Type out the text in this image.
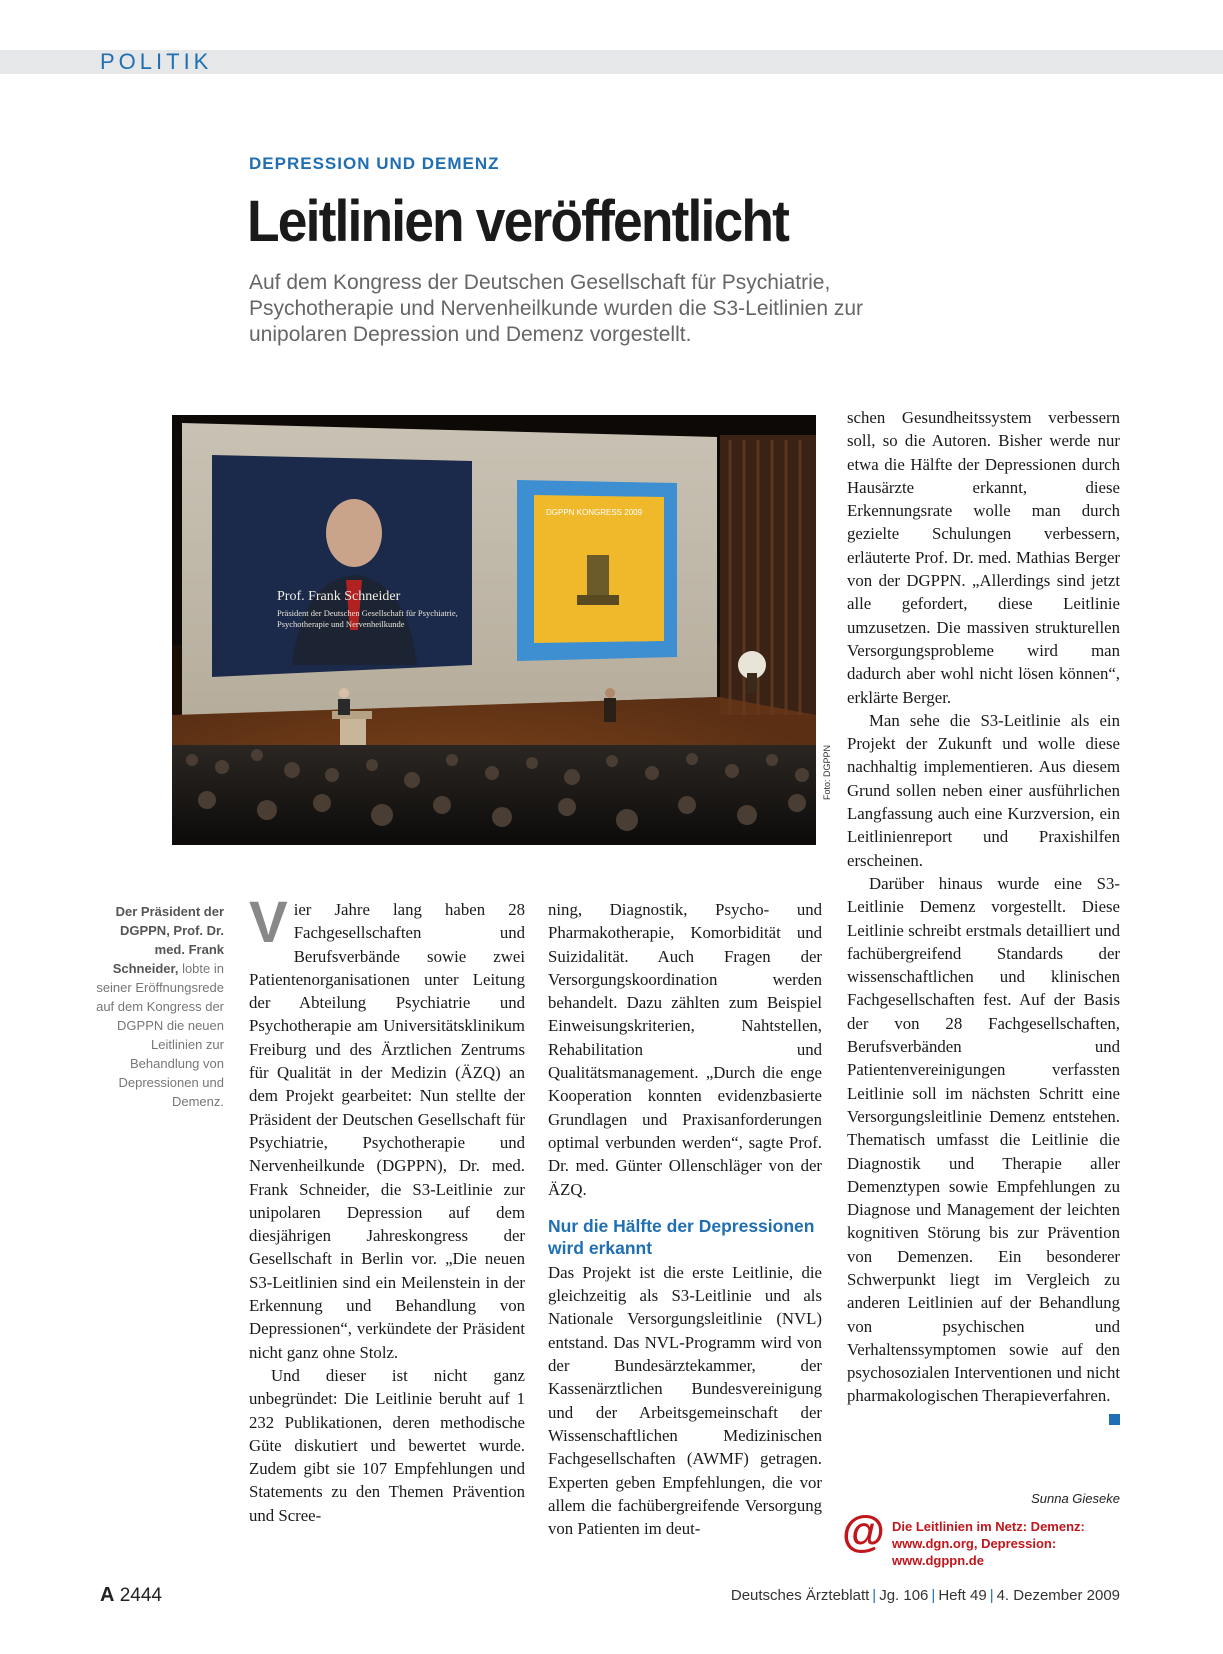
POLITIK
DEPRESSION UND DEMENZ
Leitlinien veröffentlicht
Auf dem Kongress der Deutschen Gesellschaft für Psychiatrie, Psychotherapie und Nervenheilkunde wurden die S3-Leitlinien zur unipolaren Depression und Demenz vorgestellt.
Prof. Frank Schneider
Präsident der Deutschen Gesellschaft für Psychiatrie,
Psychotherapie und Nervenheilkunde
DGPPN KONGRESS 2009
Foto: DGPPN
Der Präsident der DGPPN, Prof. Dr. med. Frank Schneider, lobte in seiner Eröffnungsrede auf dem Kongress der DGPPN die neuen Leitlinien zur Behandlung von Depressionen und Demenz.

Vier Jahre lang haben 28 Fachgesellschaften und Berufsverbände sowie zwei Patientenorganisationen unter Leitung der Abteilung Psychiatrie und Psychotherapie am Universitätsklinikum Freiburg und des Ärztlichen Zentrums für Qualität in der Medizin (ÄZQ) an dem Projekt gearbeitet: Nun stellte der Präsident der Deutschen Gesellschaft für Psychiatrie, Psychotherapie und Nervenheilkunde (DGPPN), Dr. med. Frank Schneider, die S3-Leitlinie zur unipolaren Depression auf dem diesjährigen Jahreskongress der Gesellschaft in Berlin vor. „Die neuen S3-Leitlinien sind ein Meilenstein in der Erkennung und Behandlung von Depressionen“, verkündete der Präsident nicht ganz ohne Stolz.

Und dieser ist nicht ganz unbegründet: Die Leitlinie beruht auf 1 232 Publikationen, deren methodische Güte diskutiert und bewertet wurde. Zudem gibt sie 107 Empfehlungen und Statements zu den Themen Prävention und Scree-

ning, Diagnostik, Psycho- und Pharmakotherapie, Komorbidität und Suizidalität. Auch Fragen der Versorgungskoordination werden behandelt. Dazu zählten zum Beispiel Einweisungskriterien, Nahtstellen, Rehabilitation und Qualitätsmanagement. „Durch die enge Kooperation konnten evidenzbasierte Grundlagen und Praxisanforderungen optimal verbunden werden“, sagte Prof. Dr. med. Günter Ollenschläger von der ÄZQ.

Nur die Hälfte der Depressionen wird erkannt

Das Projekt ist die erste Leitlinie, die gleichzeitig als S3-Leitlinie und als Nationale Versorgungsleitlinie (NVL) entstand. Das NVL-Programm wird von der Bundesärztekammer, der Kassenärztlichen Bundesvereinigung und der Arbeitsgemeinschaft der Wissenschaftlichen Medizinischen Fachgesellschaften (AWMF) getragen. Experten geben Empfehlungen, die vor allem die fachübergreifende Versorgung von Patienten im deut-

schen Gesundheitssystem verbessern soll, so die Autoren. Bisher werde nur etwa die Hälfte der Depressionen durch Hausärzte erkannt, diese Erkennungsrate wolle man durch gezielte Schulungen verbessern, erläuterte Prof. Dr. med. Mathias Berger von der DGPPN. „Allerdings sind jetzt alle gefordert, diese Leitlinie umzusetzen. Die massiven strukturellen Versorgungsprobleme wird man dadurch aber wohl nicht lösen können“, erklärte Berger.

Man sehe die S3-Leitlinie als ein Projekt der Zukunft und wolle diese nachhaltig implementieren. Aus diesem Grund sollen neben einer ausführlichen Langfassung auch eine Kurzversion, ein Leitlinienreport und Praxishilfen erscheinen.

Darüber hinaus wurde eine S3-Leitlinie Demenz vorgestellt. Diese Leitlinie schreibt erstmals detailliert und fachübergreifend Standards der wissenschaftlichen und klinischen Fachgesellschaften fest. Auf der Basis der von 28 Fachgesellschaften, Berufsverbänden und Patientenvereinigungen verfassten Leitlinie soll im nächsten Schritt eine Versorgungsleitlinie Demenz entstehen. Thematisch umfasst die Leitlinie die Diagnostik und Therapie aller Demenztypen sowie Empfehlungen zu Diagnose und Management der leichten kognitiven Störung bis zur Prävention von Demenzen. Ein besonderer Schwerpunkt liegt im Vergleich zu anderen Leitlinien auf der Behandlung von psychischen und Verhaltenssymptomen sowie auf den psychosozialen Interventionen und nicht pharmakologischen Therapieverfahren.

Sunna Gieseke
@ Die Leitlinien im Netz: Demenz: www.dgn.org, Depression: www.dgppn.de
A 2444	Deutsches Ärzteblatt | Jg. 106 | Heft 49 | 4. Dezember 2009
